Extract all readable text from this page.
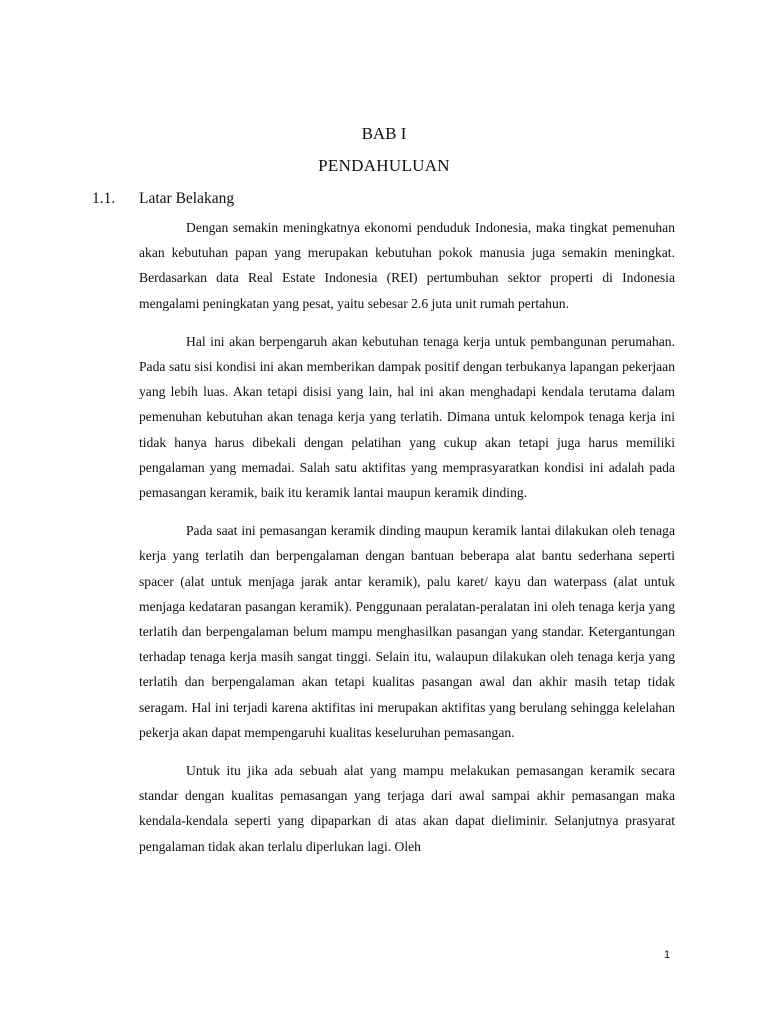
BAB I
PENDAHULUAN
1.1. Latar Belakang

Dengan semakin meningkatnya ekonomi penduduk Indonesia, maka tingkat pemenuhan akan kebutuhan papan yang merupakan kebutuhan pokok manusia juga semakin meningkat. Berdasarkan data Real Estate Indonesia (REI) pertumbuhan sektor properti di Indonesia mengalami peningkatan yang pesat, yaitu sebesar 2.6 juta unit rumah pertahun.

Hal ini akan berpengaruh akan kebutuhan tenaga kerja untuk pembangunan perumahan. Pada satu sisi kondisi ini akan memberikan dampak positif dengan terbukanya lapangan pekerjaan yang lebih luas. Akan tetapi disisi yang lain, hal ini akan menghadapi kendala terutama dalam pemenuhan kebutuhan akan tenaga kerja yang terlatih. Dimana untuk kelompok tenaga kerja ini tidak hanya harus dibekali dengan pelatihan yang cukup akan tetapi juga harus memiliki pengalaman yang memadai. Salah satu aktifitas yang memprasyaratkan kondisi ini adalah pada pemasangan keramik, baik itu keramik lantai maupun keramik dinding.

Pada saat ini pemasangan keramik dinding maupun keramik lantai dilakukan oleh tenaga kerja yang terlatih dan berpengalaman dengan bantuan beberapa alat bantu sederhana seperti spacer (alat untuk menjaga jarak antar keramik), palu karet/ kayu dan waterpass (alat untuk menjaga kedataran pasangan keramik). Penggunaan peralatan-peralatan ini oleh tenaga kerja yang terlatih dan berpengalaman belum mampu menghasilkan pasangan yang standar. Ketergantungan terhadap tenaga kerja masih sangat tinggi. Selain itu, walaupun dilakukan oleh tenaga kerja yang terlatih dan berpengalaman akan tetapi kualitas pasangan awal dan akhir masih tetap tidak seragam. Hal ini terjadi karena aktifitas ini merupakan aktifitas yang berulang sehingga kelelahan pekerja akan dapat mempengaruhi kualitas keseluruhan pemasangan.

Untuk itu jika ada sebuah alat yang mampu melakukan pemasangan keramik secara standar dengan kualitas pemasangan yang terjaga dari awal sampai akhir pemasangan maka kendala-kendala seperti yang dipaparkan di atas akan dapat dieliminir. Selanjutnya prasyarat pengalaman tidak akan terlalu diperlukan lagi. Oleh

1
